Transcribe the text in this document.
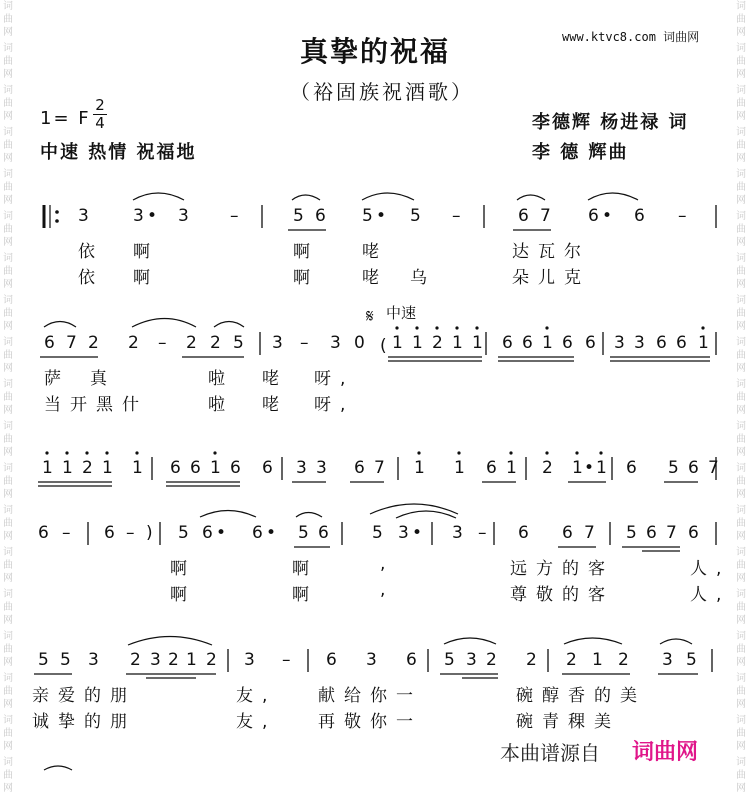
词
曲
网
词
曲
网
词
曲
网
词
曲
网
词
曲
网
词
曲
网
词
曲
网
词
曲
网
词
曲
网
词
曲
网
词
曲
网
词
曲
网
词
曲
网
词
曲
网
词
曲
网
词
曲
网
词
曲
网
词
曲
网
词
曲
网
词
曲
网
词
曲
网
词
曲
网
词
曲
网
词
曲
网
词
曲
网
词
曲
网
词
曲
网
词
曲
网
词
曲
网
词
曲
网
词
曲
网
词
曲
网
词
曲
网
词
曲
网
词
曲
网
词
曲
网
词
曲
网
词
曲
网
真挚的祝福	www.ktvc8.com 词曲网
（裕固族祝酒歌）
1= F
2
4
中速 热情 祝福地
李德辉 杨进禄 词
李 德 辉曲
𝄋
3	3 • 3 –	5 6 5 • 5 –	6 7 6 • 6 –
依 啊	啊	咾	达瓦尔
依 啊	啊	咾 乌	朵儿克
6 7 2 2 – 2 2 5 3 – 3 0 1 1 2 1 1 6 6 1 6 6 3 3 6 6 1
萨 真	啦 咾 呀,
当开黑什	啦 咾 呀,
1 1 2 1 1 6 6 1 6 6 3 3 6 7 1 1 6 1 2 1 • 1 6 5 6 7
6 – 6 – ) 5 6 • 6 • 5 6	5 3 • 3 – 6 6 7 5 6 7 6
啊	啊	,	远方的客	人,
啊	啊	,	尊敬的客	人,
5 5 3 2 3 2 1 2 3 – 6 3 6 5 3 2 2 2 1 2 3 5
亲爱的朋	友, 献给你一	碗醇香的美
诚挚的朋	友, 再敬你一	碗青稞美
中速
(
本曲谱源自 词曲网
